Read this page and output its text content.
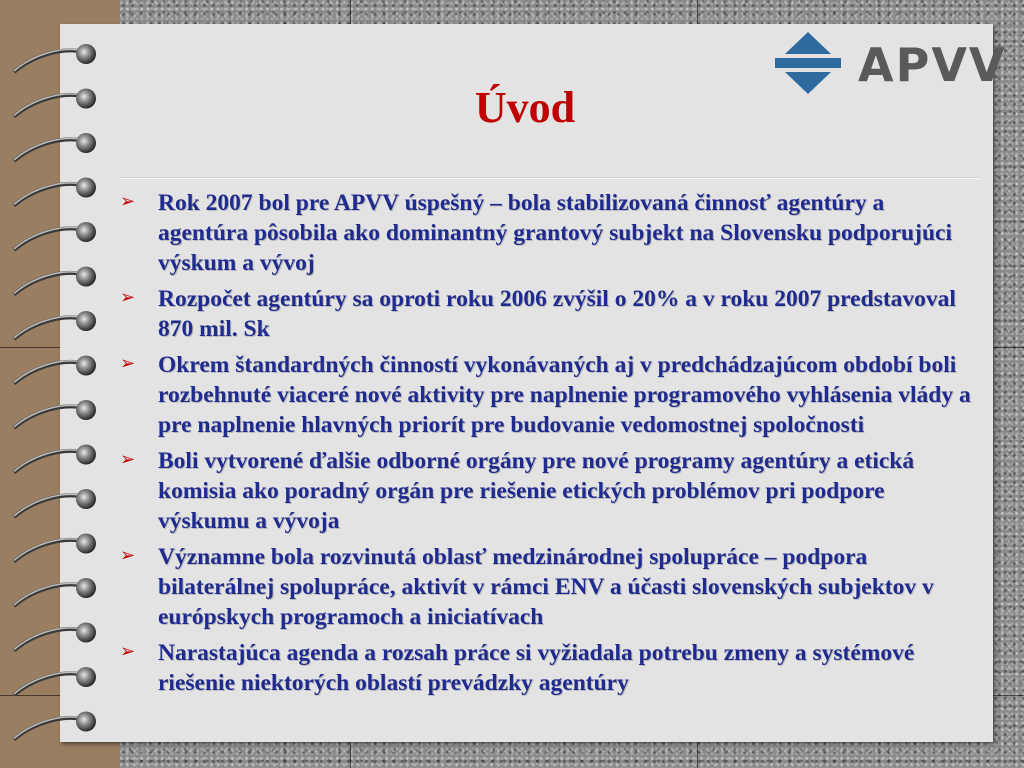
APVV
Úvod
➢ Rok 2007 bol pre APVV úspešný – bola stabilizovaná činnosť agentúry a agentúra pôsobila ako dominantný grantový subjekt na Slovensku podporujúci výskum a vývoj
➢ Rozpočet agentúry sa oproti roku 2006 zvýšil o 20% a v roku 2007 predstavoval 870 mil. Sk
➢ Okrem štandardných činností vykonávaných aj v predchádzajúcom období boli rozbehnuté viaceré nové aktivity pre naplnenie programového vyhlásenia vlády a pre naplnenie hlavných priorít pre budovanie vedomostnej spoločnosti
➢ Boli vytvorené ďalšie odborné orgány pre nové programy agentúry a etická komisia ako poradný orgán pre riešenie etických problémov pri podpore výskumu a vývoja
➢ Významne bola rozvinutá oblasť medzinárodnej spolupráce – podpora bilaterálnej spolupráce, aktivít v rámci ENV a účasti slovenských subjektov v európskych programoch a iniciatívach
➢ Narastajúca agenda a rozsah práce si vyžiadala potrebu zmeny a systémové riešenie niektorých oblastí prevádzky agentúry
